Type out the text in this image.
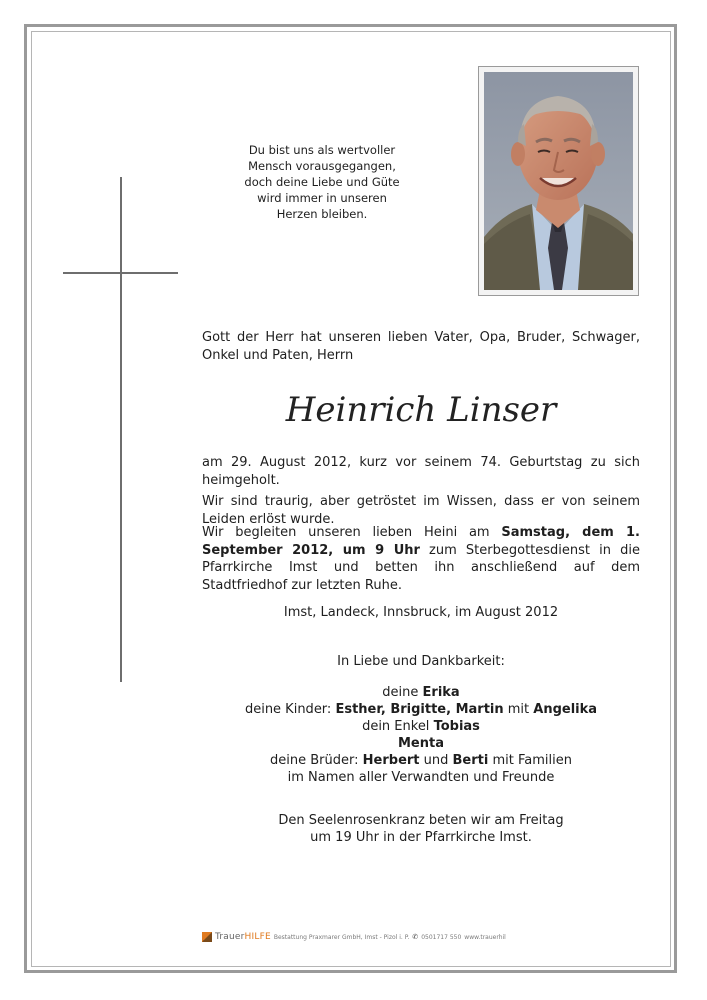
Du bist uns als wertvoller
Mensch vorausgegangen,
doch deine Liebe und Güte
wird immer in unseren
Herzen bleiben.
Gott der Herr hat unseren lieben Vater, Opa, Bruder, Schwager, Onkel und Paten, Herrn
Heinrich Linser
am 29. August 2012, kurz vor seinem 74. Geburtstag zu sich heimgeholt.
Wir sind traurig, aber getröstet im Wissen, dass er von seinem Leiden erlöst wurde.
Wir begleiten unseren lieben Heini am Samstag, dem 1. September 2012, um 9 Uhr zum Sterbegottesdienst in die Pfarrkirche Imst und betten ihn anschließend auf dem Stadtfriedhof zur letzten Ruhe.
Imst, Landeck, Innsbruck, im August 2012
In Liebe und Dankbarkeit:
deine Erika
deine Kinder: Esther, Brigitte, Martin mit Angelika
dein Enkel Tobias
Menta
deine Brüder: Herbert und Berti mit Familien
im Namen aller Verwandten und Freunde
Den Seelenrosenkranz beten wir am Freitag
um 19 Uhr in der Pfarrkirche Imst.
TrauerHILFE Bestattung Praxmarer GmbH, Imst - Pizol i. P. ✆ 0501717 550 www.trauerhil
